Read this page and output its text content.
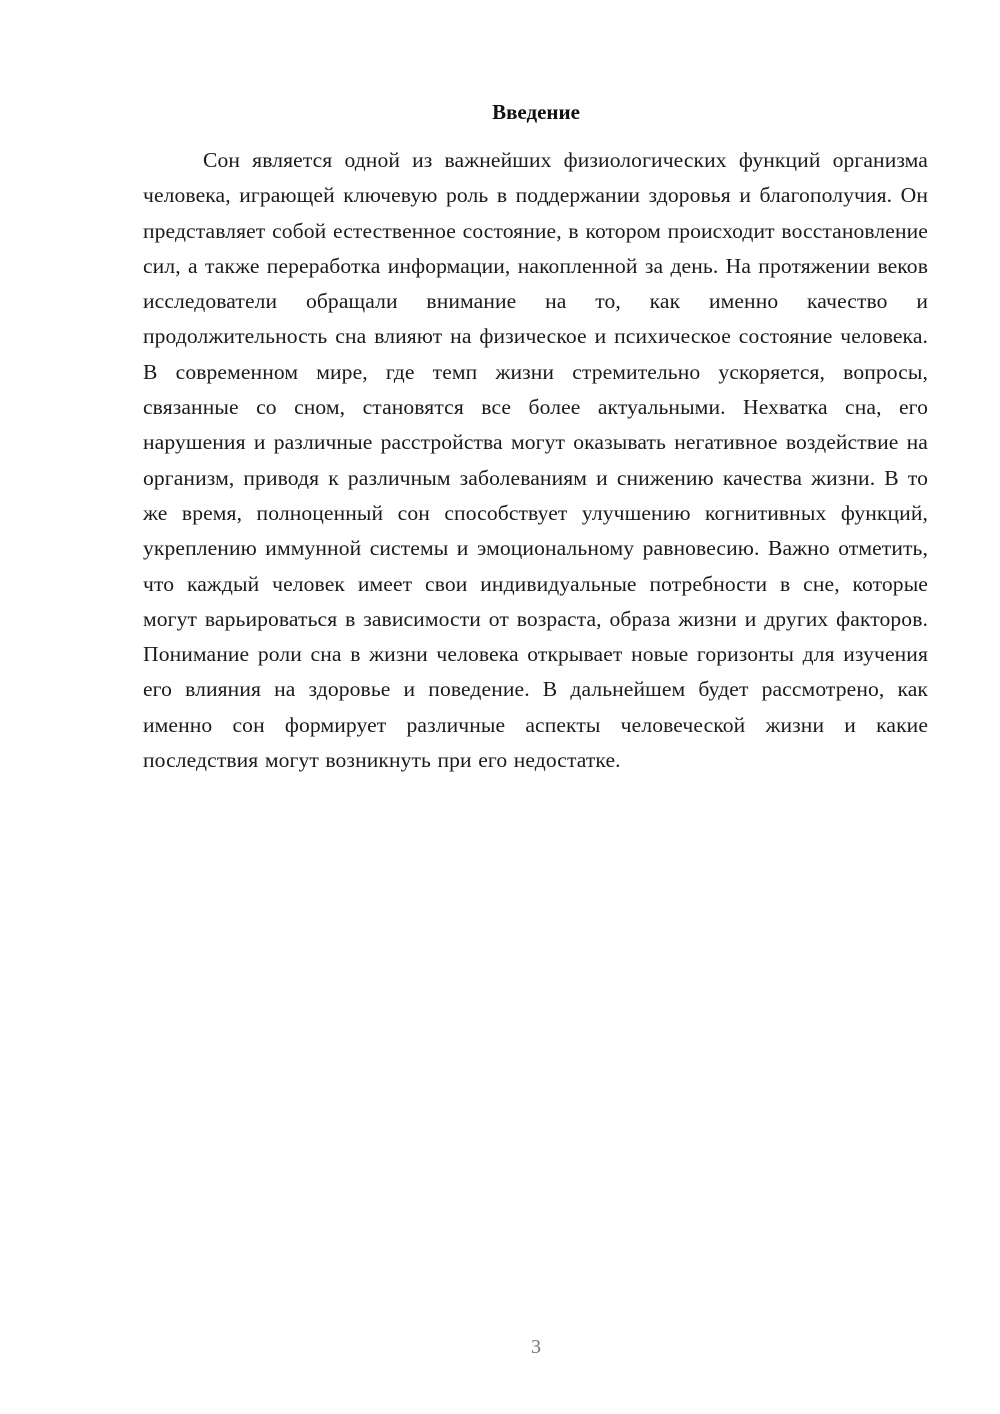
Введение

Сон является одной из важнейших физиологических функций организма человека, играющей ключевую роль в поддержании здоровья и благополучия. Он представляет собой естественное состояние, в котором происходит восстановление сил, а также переработка информации, накопленной за день. На протяжении веков исследователи обращали внимание на то, как именно качество и продолжительность сна влияют на физическое и психическое состояние человека. В современном мире, где темп жизни стремительно ускоряется, вопросы, связанные со сном, становятся все более актуальными. Нехватка сна, его нарушения и различные расстройства могут оказывать негативное воздействие на организм, приводя к различным заболеваниям и снижению качества жизни. В то же время, полноценный сон способствует улучшению когнитивных функций, укреплению иммунной системы и эмоциональному равновесию. Важно отметить, что каждый человек имеет свои индивидуальные потребности в сне, которые могут варьироваться в зависимости от возраста, образа жизни и других факторов. Понимание роли сна в жизни человека открывает новые горизонты для изучения его влияния на здоровье и поведение. В дальнейшем будет рассмотрено, как именно сон формирует различные аспекты человеческой жизни и какие последствия могут возникнуть при его недостатке.

3
